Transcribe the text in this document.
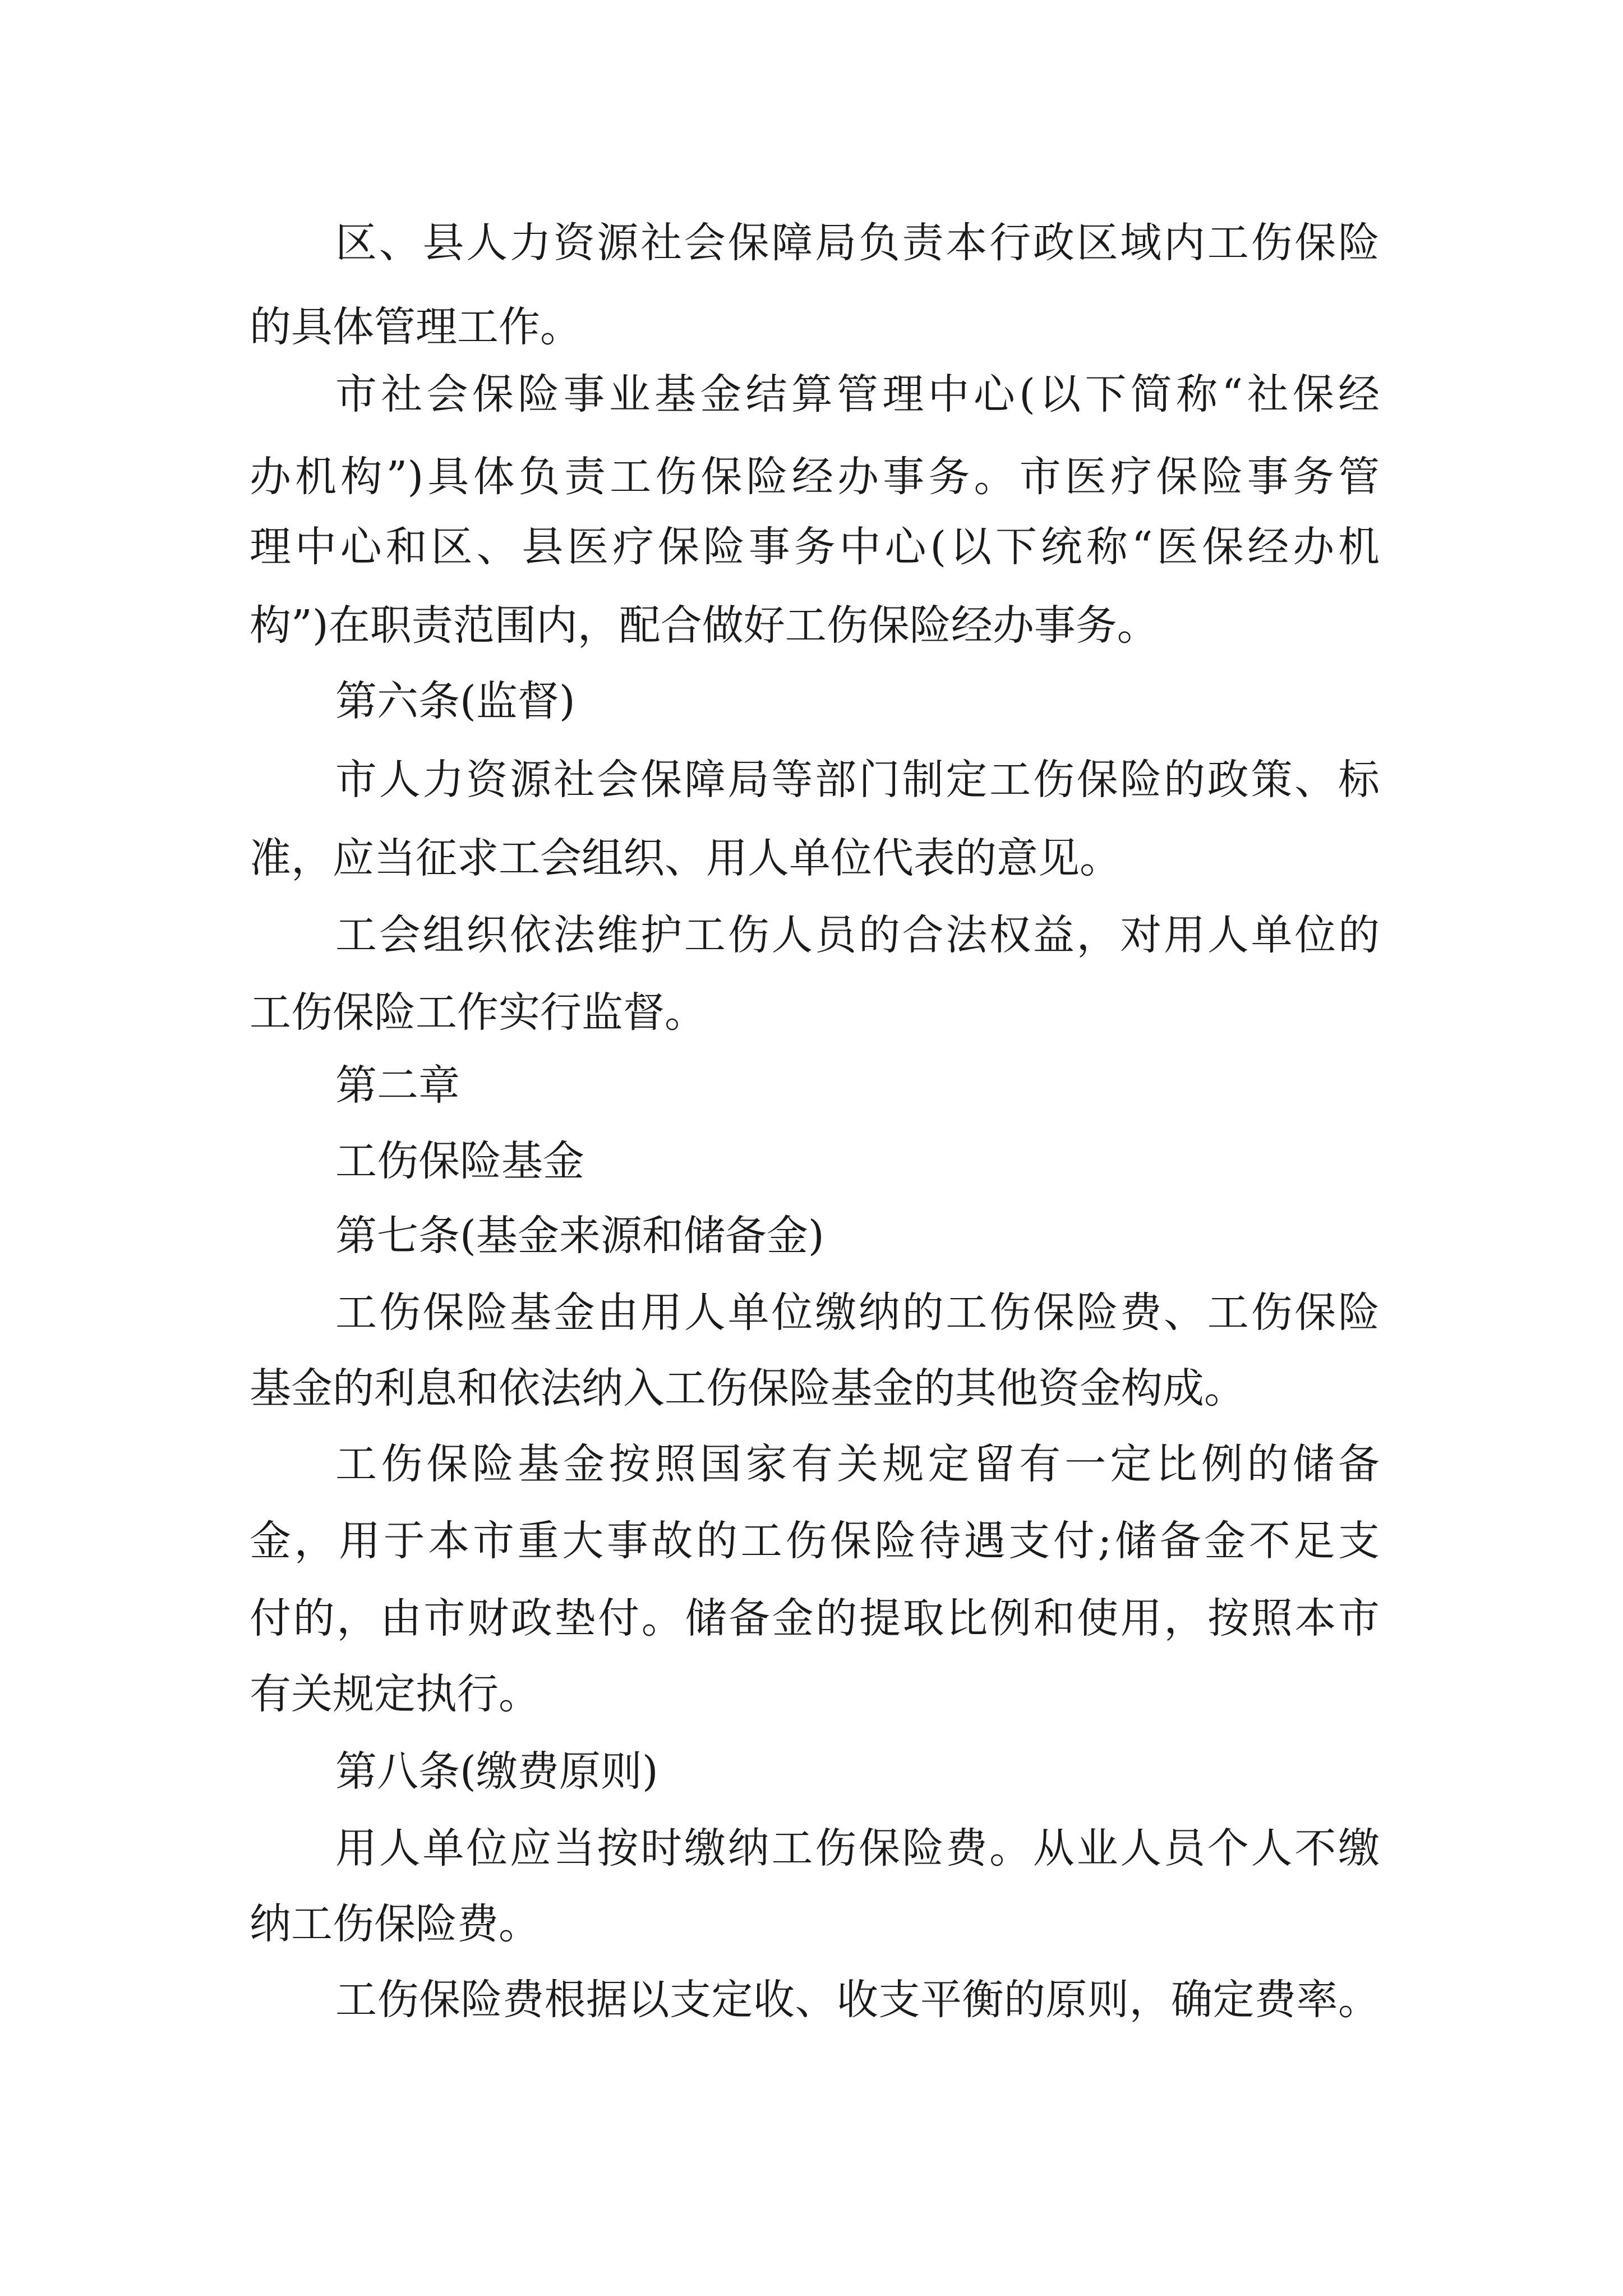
区、县人力资源社会保障局负责本行政区域内工伤保险

的具体管理工作。

市社会保险事业基金结算管理中心(以下简称“社保经

办机构”)具体负责工伤保险经办事务。市医疗保险事务管

理中心和区、县医疗保险事务中心(以下统称“医保经办机

构”)在职责范围内，配合做好工伤保险经办事务。

第六条(监督)

市人力资源社会保障局等部门制定工伤保险的政策、标

准，应当征求工会组织、用人单位代表的意见。

工会组织依法维护工伤人员的合法权益，对用人单位的

工伤保险工作实行监督。

第二章

工伤保险基金

第七条(基金来源和储备金)

工伤保险基金由用人单位缴纳的工伤保险费、工伤保险

基金的利息和依法纳入工伤保险基金的其他资金构成。

工伤保险基金按照国家有关规定留有一定比例的储备

金，用于本市重大事故的工伤保险待遇支付;储备金不足支

付的，由市财政垫付。储备金的提取比例和使用，按照本市

有关规定执行。

第八条(缴费原则)

用人单位应当按时缴纳工伤保险费。从业人员个人不缴

纳工伤保险费。

工伤保险费根据以支定收、收支平衡的原则，确定费率。
